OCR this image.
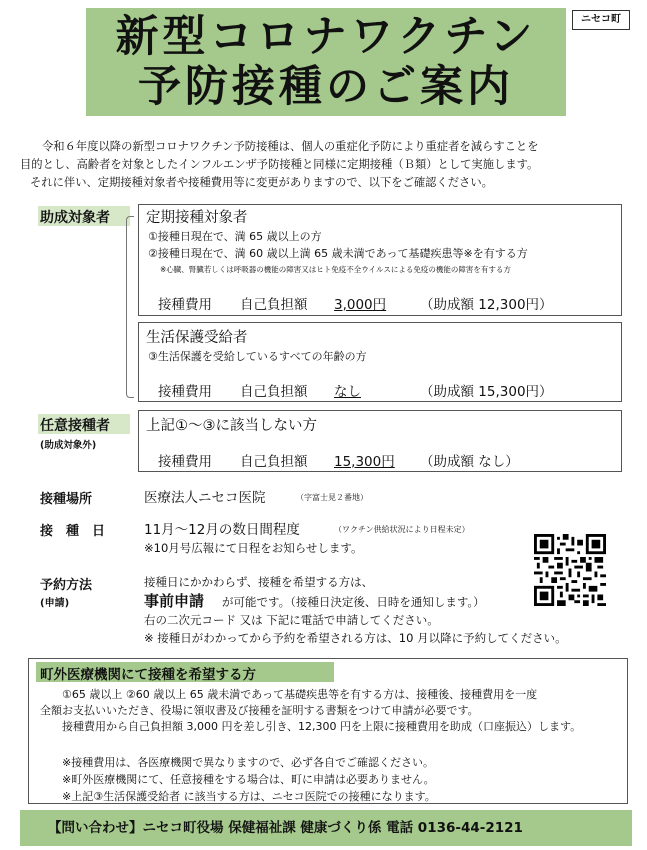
新型コロナワクチン
予防接種のご案内
ニセコ町
令和６年度以降の新型コロナワクチン予防接種は、個人の重症化予防により重症者を減らすことを
目的とし、高齢者を対象としたインフルエンザ予防接種と同様に定期接種（Ｂ類）として実施します。
それに伴い、定期接種対象者や接種費用等に変更がありますので、以下をご確認ください。
助成対象者 定期接種対象者
①接種日現在で、満 65 歳以上の方
②接種日現在で、満 60 歳以上満 65 歳未満であって基礎疾患等※を有する方
※心臓、腎臓若しくは呼吸器の機能の障害又はヒト免疫不全ウイルスによる免疫の機能の障害を有する方
接種費用 自己負担額 3,000円	（助成額 12,300円）
生活保護受給者
③生活保護を受給しているすべての年齢の方
接種費用 自己負担額 なし	（助成額 15,300円）
任意接種者
(助成対象外)
上記①～③に該当しない方
接種費用 自己負担額 15,300円 （助成額 なし）
接種場所	医療法人ニセコ医院	（字富士見２番地）
接　種　日	11月～12月の数日間程度	（ワクチン供給状況により日程未定）
※10月号広報にて日程をお知らせします。
予約方法
(申請)
接種日にかかわらず、接種を希望する方は、
事前申請 が可能です。（接種日決定後、日時を通知します。）
右の二次元コード 又は 下記に電話で申請してください。
※ 接種日がわかってから予約を希望される方は、10 月以降に予約してください。
町外医療機関にて接種を希望する方
①65 歳以上 ②60 歳以上 65 歳未満であって基礎疾患等を有する方は、接種後、接種費用を一度
全額お支払いいただき、役場に領収書及び接種を証明する書類をつけて申請が必要です。
接種費用から自己負担額 3,000 円を差し引き、12,300 円を上限に接種費用を助成（口座振込）します。
※接種費用は、各医療機関で異なりますので、必ず各自でご確認ください。
※町外医療機関にて、任意接種をする場合は、町に申請は必要ありません。
※上記③生活保護受給者 に該当する方は、ニセコ医院での接種になります。
【問い合わせ】ニセコ町役場 保健福祉課 健康づくり係 電話 0136-44-2121
